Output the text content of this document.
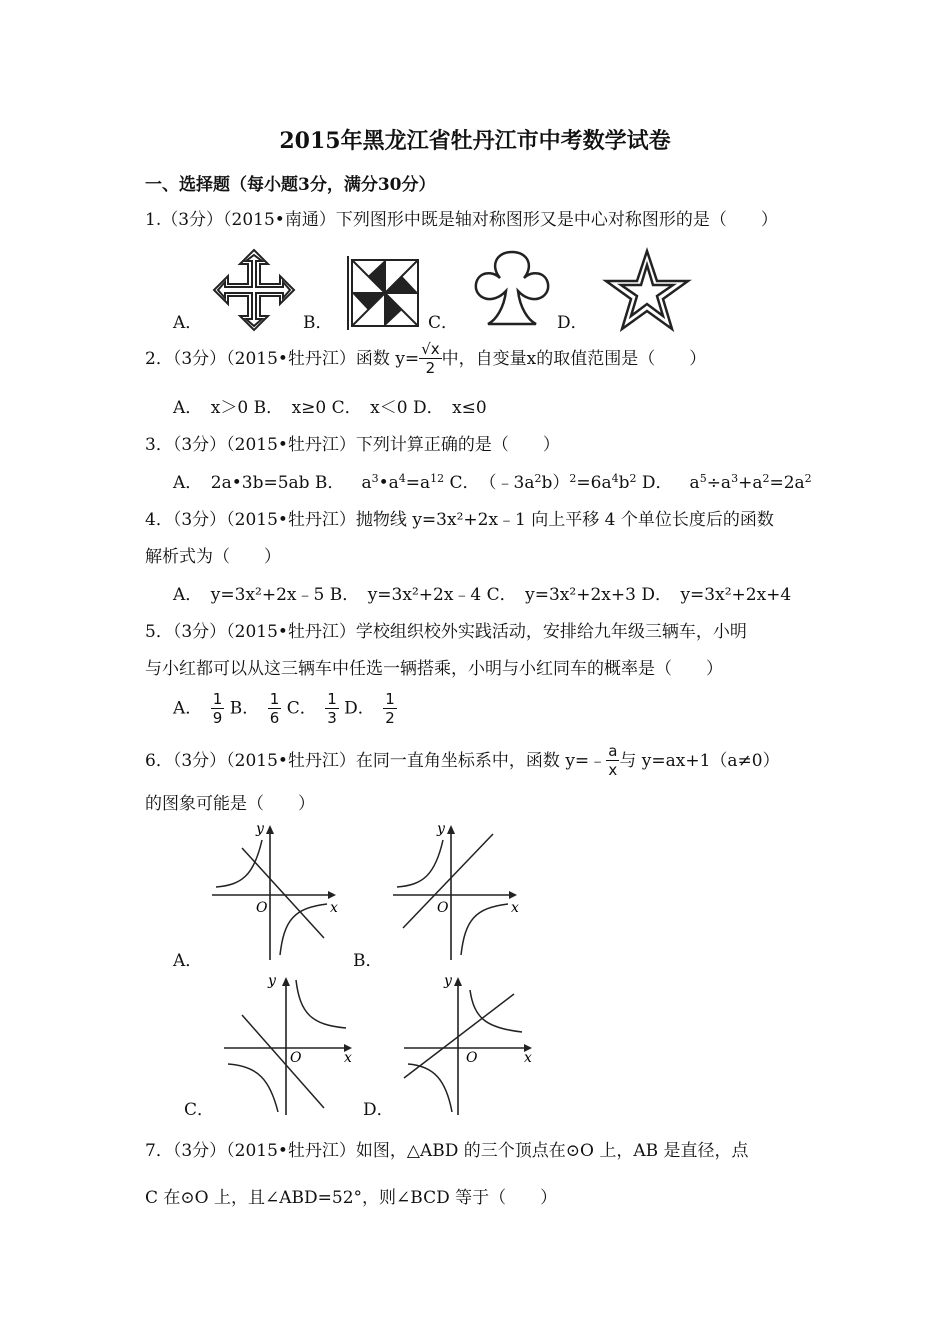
2015年黑龙江省牡丹江市中考数学试卷
一、选择题（每小题3分，满分30分）
1.（3分）（2015•南通）下列图形中既是轴对称图形又是中心对称图形的是（　　）
A．	B．	C．	D．
2．（3分）（2015•牡丹江）函数 $y= \frac{√x}{2}$ 中，自变量x的取值范围是（　　）
A．　x＞0 B．　x≥0 C．　x＜0 D．　x≤0
3．（3分）（2015•牡丹江）下列计算正确的是（　　）
A．　2a•3b=5ab B．  $a^3•a^4=a^{12}$ C．　$(﹣3a^2b)^2=6a^4b^2$ D． $a^5\div a^3+a^2=2a^2$
4．（3分）（2015•牡丹江）抛物线 y=3x²+2x﹣1 向上平移 4 个单位长度后的函数
解析式为（　　）
A．　y=3x²+2x﹣5 B．　y=3x²+2x﹣4 C．　y=3x²+2x+3 D．　y=3x²+2x+4
5．（3分）（2015•牡丹江）学校组织校外实践活动，安排给九年级三辆车，小明
与小红都可以从这三辆车中任选一辆搭乘，小明与小红同车的概率是（　　）
A．  $\frac{1}{9}$ B．  $\frac{1}{6}$ C．  $\frac{1}{3}$ D．  $\frac{1}{2}$
6．（3分）（2015•牡丹江）在同一直角坐标系中，函数 y=﹣ $\frac{a}{x}$ 与 y=ax+1（a≠0）
的图象可能是（　　）
y
x
O
y
x
O
y
x
O
y
x
O
A．	B．
C．	D．
7．（3分）（2015•牡丹江）如图，△ABD 的三个顶点在⊙O 上，AB 是直径，点
C 在⊙O 上，且∠ABD=52°，则∠BCD 等于（　　）
